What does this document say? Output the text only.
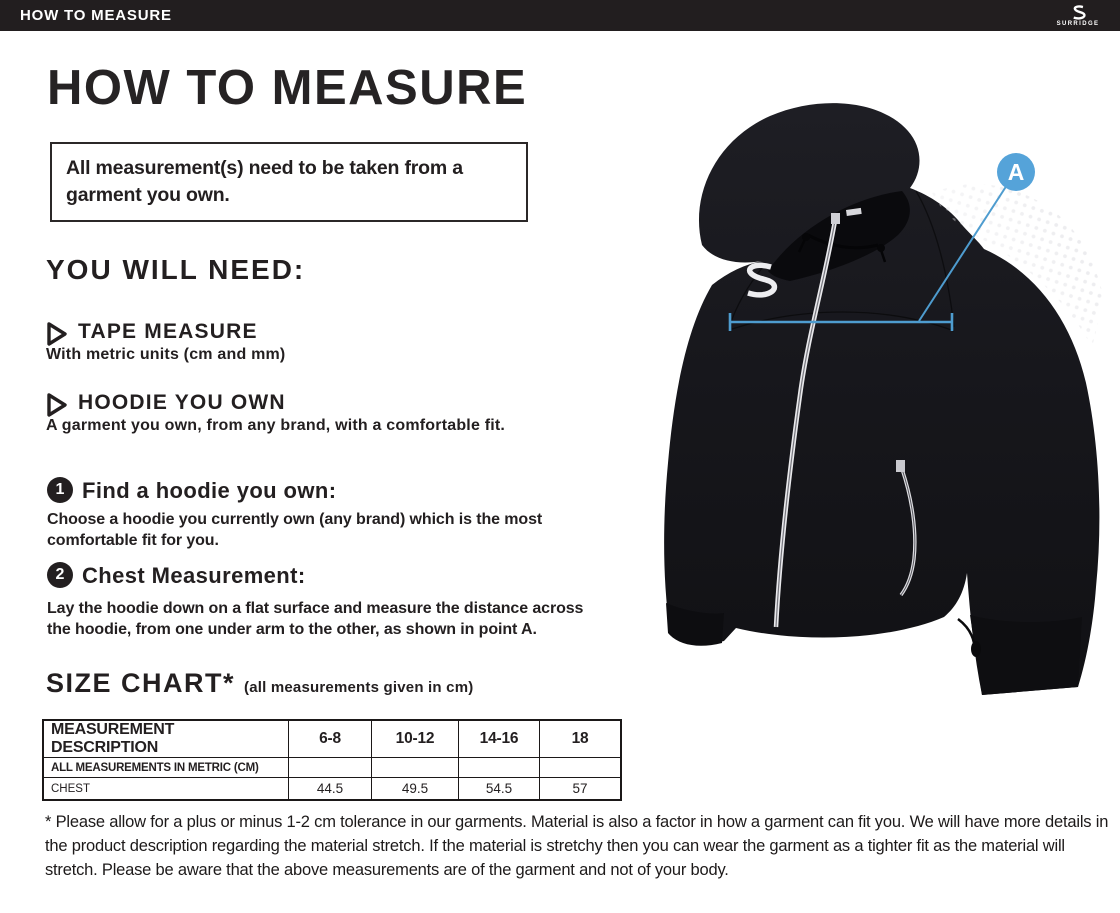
HOW TO MEASURE	SURRIDGE
HOW TO MEASURE
All measurement(s) need to be taken from a garment you own.
YOU WILL NEED:
TAPE MEASURE
With metric units (cm and mm)
HOODIE YOU OWN
A garment you own, from any brand, with a comfortable fit.
1 Find a hoodie you own:
Choose a hoodie you currently own (any brand) which is the most comfortable fit for you.
2 Chest Measurement:
Lay the hoodie down on a flat surface and measure the distance across the hoodie, from one under arm to the other, as shown in point A.
SIZE CHART* (all measurements given in cm)
MEASUREMENT DESCRIPTION	6-8	10-12	14-16	18
ALL MEASUREMENTS IN METRIC (CM)				
CHEST	44.5	49.5	54.5	57
* Please allow for a plus or minus 1-2 cm tolerance in our garments. Material is also a factor in how a garment can fit you. We will have more details in the product description regarding the material stretch. If the material is stretchy then you can wear the garment as a tighter fit as the material will stretch. Please be aware that the above measurements are of the garment and not of your body.
A
